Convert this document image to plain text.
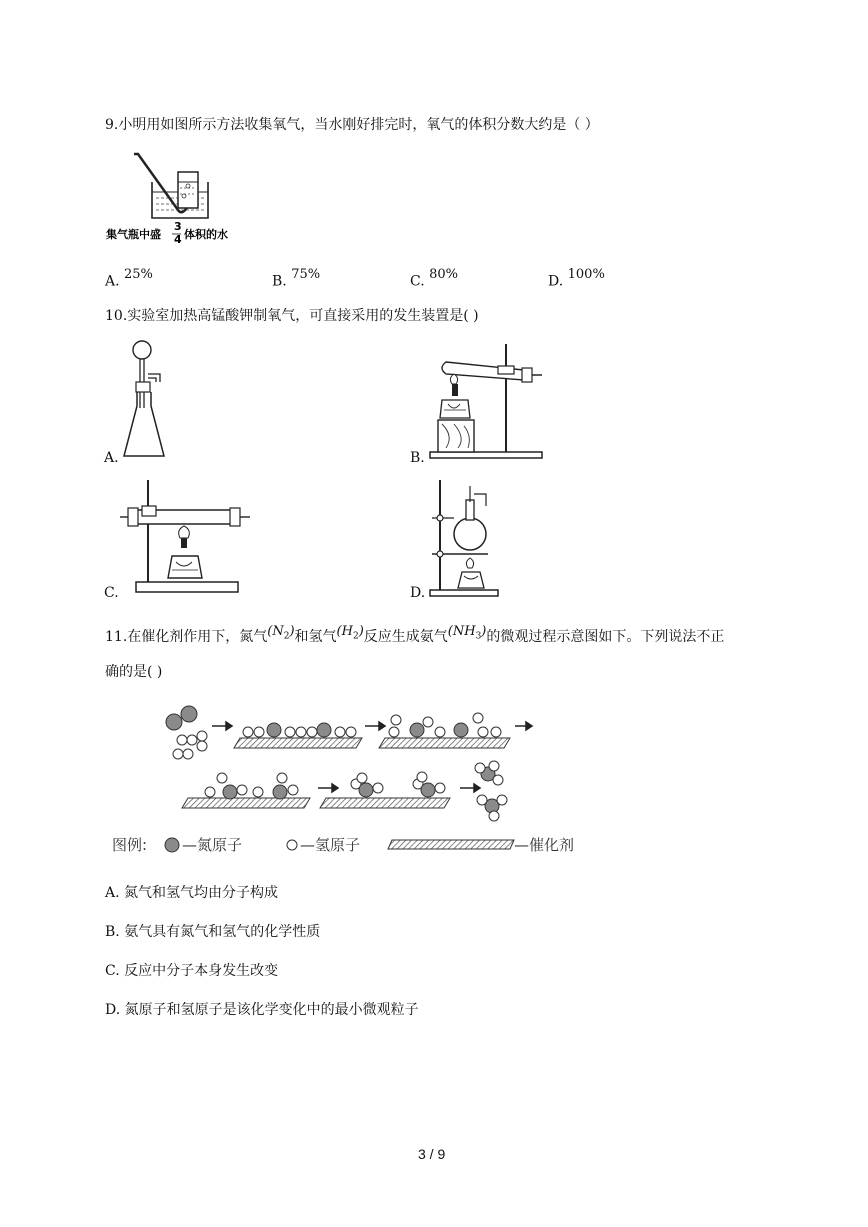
9.小明用如图所示方法收集氧气，当水刚好排完时，氧气的体积分数大约是（ ）
集气瓶中盛
3
4 体积的水
A. $^{25\%}$	B. $^{75\%}$	C. $^{80\%}$	D. $^{100\%}$
10.实验室加热高锰酸钾制氧气，可直接采用的发生装置是( )
A.	B.
C.	D.
11.在催化剂作用下，氮气$(N_2)$和氢气$(H_2)$反应生成氨气$(NH_3)$的微观过程示意图如下。下列说法不正
确的是( )
图例: —氮原子	—氢原子	—催化剂
A. 氮气和氢气均由分子构成
B. 氨气具有氮气和氢气的化学性质
C. 反应中分子本身发生改变
D. 氮原子和氢原子是该化学变化中的最小微观粒子
3 / 9
